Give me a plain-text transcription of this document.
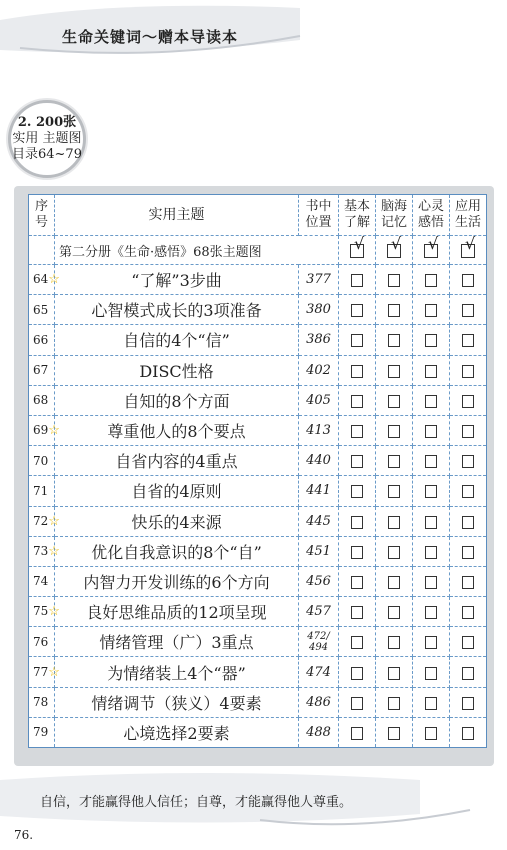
生命关键词～赠本导读本
2. 200张
实用 主题图
目录64~79
序号	实用主题	书中位置	基本了解	脑海记忆	心灵感悟	应用生活

	第二分册《生命·感悟》68张主题图		√	√	√	√

64☆	“了解”3步曲	377				
65	心智模式成长的3项准备	380				
66	自信的4个“信”	386				
67	DISC性格	402				
68	自知的8个方面	405				
69☆	尊重他人的8个要点	413				
70	自省内容的4重点	440				
71	自省的4原则	441				
72☆	快乐的4来源	445				
73☆	优化自我意识的8个“自”	451				
74	内智力开发训练的6个方向	456				
75☆	良好思维品质的12项呈现	457				
76	情绪管理（广）3重点	472/
494				
77☆	为情绪装上4个“器”	474				
78	情绪调节（狭义）4要素	486				
79	心境选择2要素	488				
自信，才能赢得他人信任；自尊，才能赢得他人尊重。
76.
